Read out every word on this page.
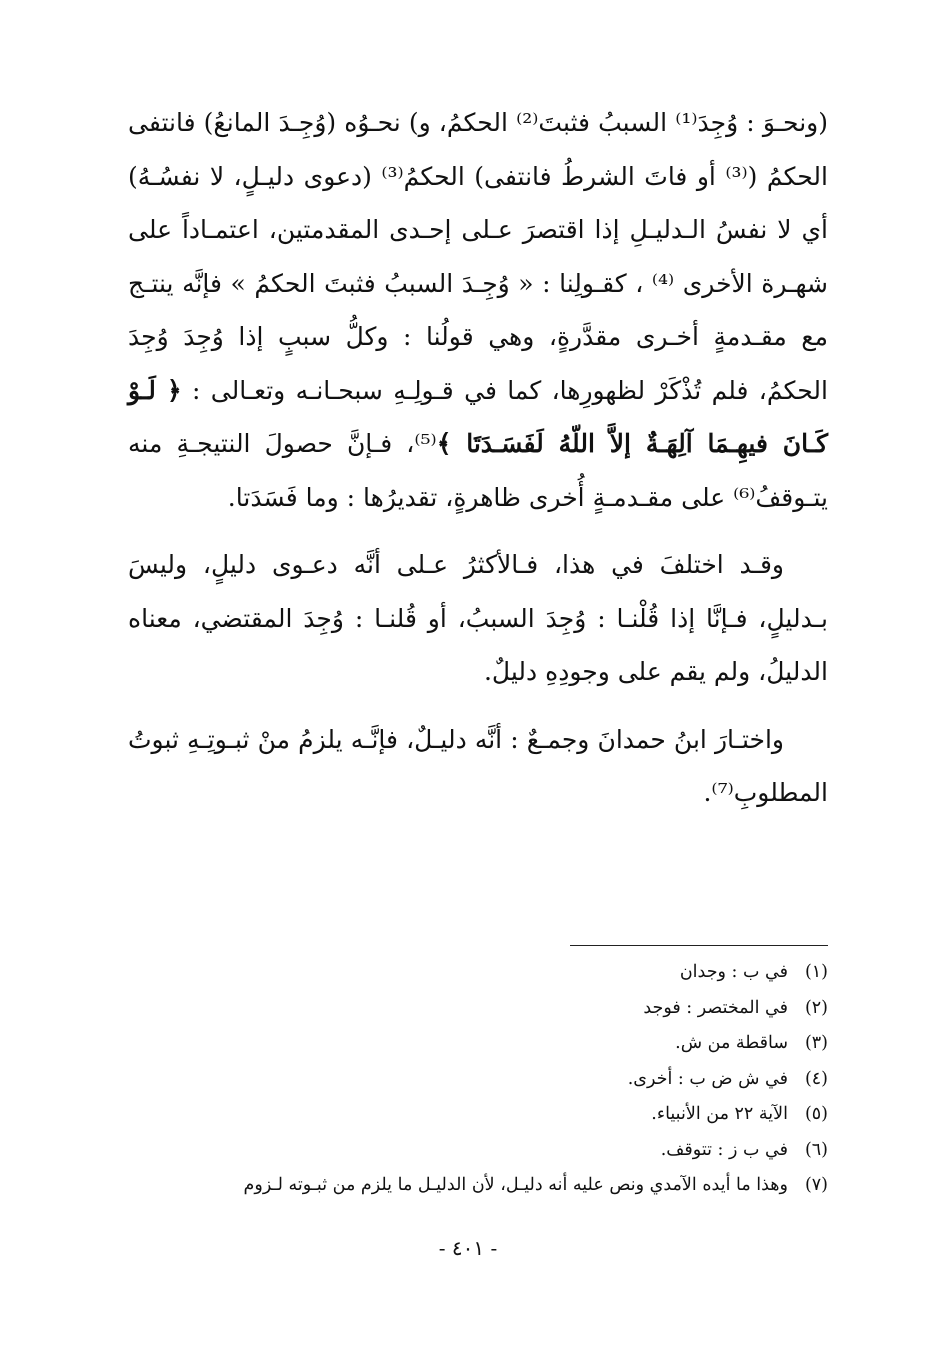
(ونحـوَ : وُجِدَ⁽¹⁾ السببُ فثبتَ⁽²⁾ الحكمُ، و) نحـوُه (وُجِـدَ المانعُ) فانتفى الحكمُ (⁽³⁾ أو فاتَ الشرطُ فانتفى) الحكمُ⁽³⁾ (دعوى دليـلٍ، لا نفسُـهُ) أي لا نفسُ الـدليـلِ إذا اقتصرَ عـلى إحـدى المقدمتين، اعتمـاداً على شهـرة الأخرى ⁽⁴⁾ ، كقـولِنا : « وُجِـدَ السببُ فثبتَ الحكمُ » فإنَّه ينتـج مع مقـدمةٍ أخـرى مقدَّرةٍ، وهي قولُنا : وكلُّ سببٍ إذا وُجِدَ وُجِدَ الحكمُ، فلم تُذْكَرْ لظهورِها، كما في قـولِـهِ سبحـانـه وتعـالى : ﴿ لَـوْ كَـانَ فيهِـمَا آلِهَـةٌ إلاَّ اللّهُ لَفَسَـدَتَا ﴾⁽⁵⁾، فـإنَّ حصولَ النتيجـةِ منه يتـوقفُ⁽⁶⁾ على مقـدمـةٍ أُخرى ظاهرةٍ، تقديرُها : وما فَسَدَتا.

وقـد اختلفَ في هذا، فـالأكثرُ عـلى أنَّه دعـوى دليلٍ، وليسَ بـدليلٍ، فـإنَّا إذا قُلْنـا : وُجِدَ السببُ، أو قُلنـا : وُجِدَ المقتضي، معناه الدليلُ، ولم يقم على وجودِهِ دليلٌ.

واختـارَ ابنُ حمدانَ وجمـعٌ : أنَّه دليـلٌ، فإنَّـه يلزمُ منْ ثبـوتِـهِ ثبوتُ المطلوبِ⁽⁷⁾.

(١)
في ب : وجدان
(٢)
في المختصر : فوجد
(٣)
ساقطة من ش.
(٤)
في ش ض ب : أخرى.
(٥)
الآية ٢٢ من الأنبياء.
(٦)
في ب ز : تتوقف.
(٧)
وهذا ما أيده الآمدي ونص عليه أنه دليـل، لأن الدليـل ما يلزم من ثبـوته لـزوم
- ٤٠١ -
